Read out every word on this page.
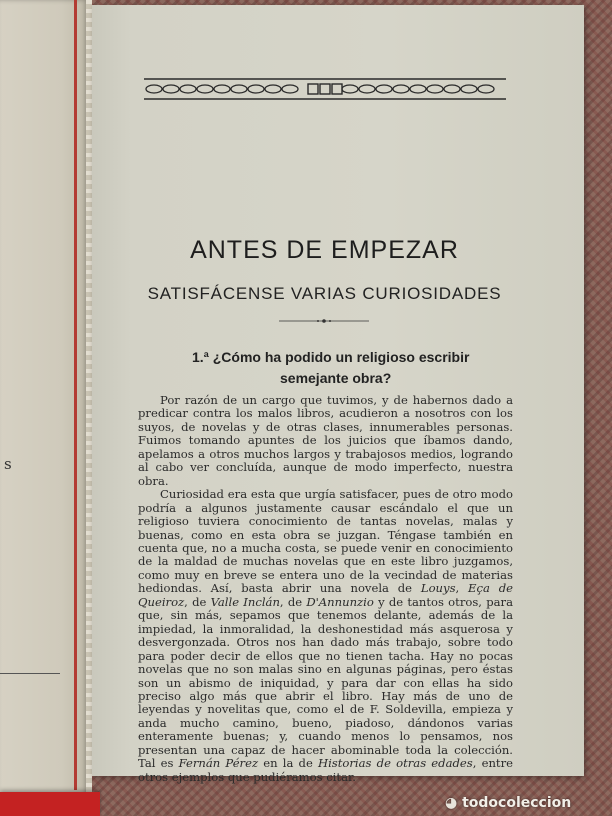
s
ANTES DE EMPEZAR
SATISFÁCENSE VARIAS CURIOSIDADES
1.ª ¿Cómo ha podido un religioso escribir
semejante obra?

Por razón de un cargo que tuvimos, y de habernos dado a predicar contra los malos libros, acudieron a nosotros con los suyos, de novelas y de otras clases, innumerables personas. Fuimos tomando apuntes de los juicios que íbamos dando, apelamos a otros muchos largos y trabajosos medios, logrando al cabo ver concluída, aunque de modo imperfecto, nuestra obra.

Curiosidad era esta que urgía satisfacer, pues de otro modo podría a algunos justamente causar escándalo el que un religioso tuviera conocimiento de tantas novelas, malas y buenas, como en esta obra se juzgan. Téngase también en cuenta que, no a mucha costa, se puede venir en conocimiento de la maldad de muchas novelas que en este libro juzgamos, como muy en breve se entera uno de la vecindad de materias hediondas. Así, basta abrir una novela de Louys, Eça de Queiroz, de Valle Inclán, de D'Annunzio y de tantos otros, para que, sin más, sepamos que tenemos delante, además de la impiedad, la inmoralidad, la deshonestidad más asquerosa y desvergonzada. Otros nos han dado más trabajo, sobre todo para poder decir de ellos que no tienen tacha. Hay no pocas novelas que no son malas sino en algunas páginas, pero éstas son un abismo de iniquidad, y para dar con ellas ha sido preciso algo más que abrir el libro. Hay más de uno de leyendas y novelitas que, como el de F. Soldevilla, empieza y anda mucho camino, bueno, piadoso, dándonos varias enteramente buenas; y, cuando menos lo pensamos, nos presentan una capaz de hacer abominable toda la colección. Tal es Fernán Pérez en la de Historias de otras edades, entre otros ejemplos que pudiéramos citar.

◕ todocoleccion
